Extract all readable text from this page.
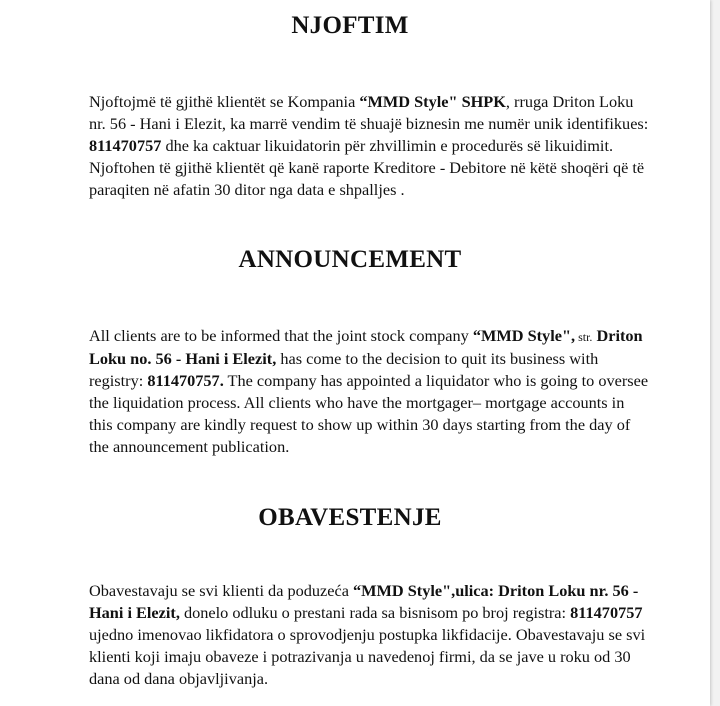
NJOFTIM

Njoftojmë të gjithë klientët se Kompania “MMD Style" SHPK, rruga Driton Loku nr. 56 - Hani i Elezit, ka marrë vendim të shuajë biznesin me numër unik identifikues: 811470757 dhe ka caktuar likuidatorin për zhvillimin e procedurës së likuidimit. Njoftohen të gjithë klientët që kanë raporte Kreditore - Debitore në këtë shoqëri që të paraqiten në afatin 30 ditor nga data e shpalljes .

ANNOUNCEMENT

All clients are to be informed that the joint stock company “MMD Style", str. Driton Loku no. 56 - Hani i Elezit, has come to the decision to quit its business with registry: 811470757. The company has appointed a liquidator who is going to oversee the liquidation process. All clients who have the mortgager– mortgage accounts in this company are kindly request to show up within 30 days starting from the day of the announcement publication.

OBAVESTENJE

Obavestavaju se svi klienti da poduzeća “MMD Style",ulica: Driton Loku nr. 56 - Hani i Elezit, donelo odluku o prestani rada sa bisnisom po broj registra: 811470757 ujedno imenovao likfidatora o sprovodjenju postupka likfidacije. Obavestavaju se svi klienti koji imaju obaveze i potrazivanja u navedenoj firmi, da se jave u roku od 30 dana od dana objavljivanja.
